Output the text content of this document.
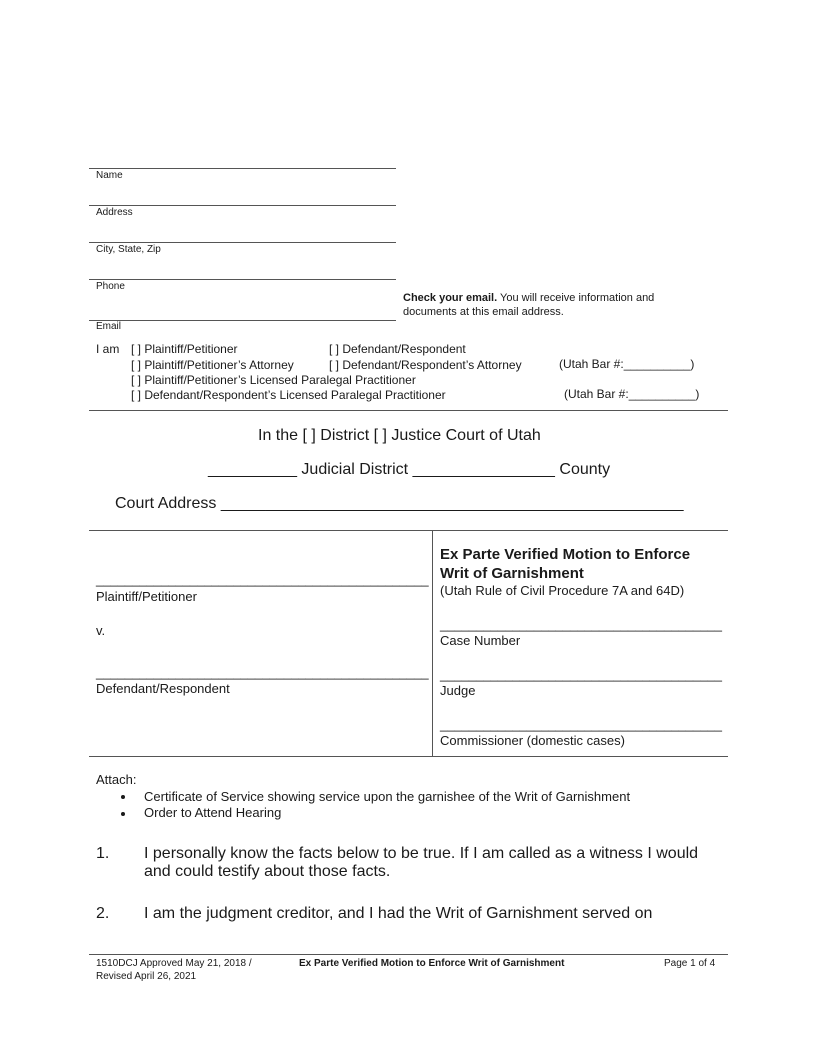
Name
Address
City, State, Zip
Phone
Email
Check your email. You will receive information and
documents at this email address.
I am [ ] Plaintiff/Petitioner	[ ] Defendant/Respondent
[ ] Plaintiff/Petitioner’s Attorney	[ ] Defendant/Respondent’s Attorney	(Utah Bar #:__________)
[ ] Plaintiff/Petitioner’s Licensed Paralegal Practitioner
[ ] Defendant/Respondent’s Licensed Paralegal Practitioner	(Utah Bar #:__________)
In the [ ] District [ ] Justice Court of Utah
__________ Judicial District ________________ County
Court Address ____________________________________________________
______________________________________________
Plaintiff/Petitioner
v.
______________________________________________
Defendant/Respondent
Ex Parte Verified Motion to Enforce
Writ of Garnishment
(Utah Rule of Civil Procedure 7A and 64D)
_______________________________________
Case Number
_______________________________________
Judge
_______________________________________
Commissioner (domestic cases)
Attach:
Certificate of Service showing service upon the garnishee of the Writ of Garnishment
Order to Attend Hearing
1. I personally know the facts below to be true. If I am called as a witness I would
and could testify about those facts.
2. I am the judgment creditor, and I had the Writ of Garnishment served on
1510DCJ Approved May 21, 2018 /
Revised April 26, 2021
Ex Parte Verified Motion to Enforce Writ of Garnishment	Page 1 of 4
